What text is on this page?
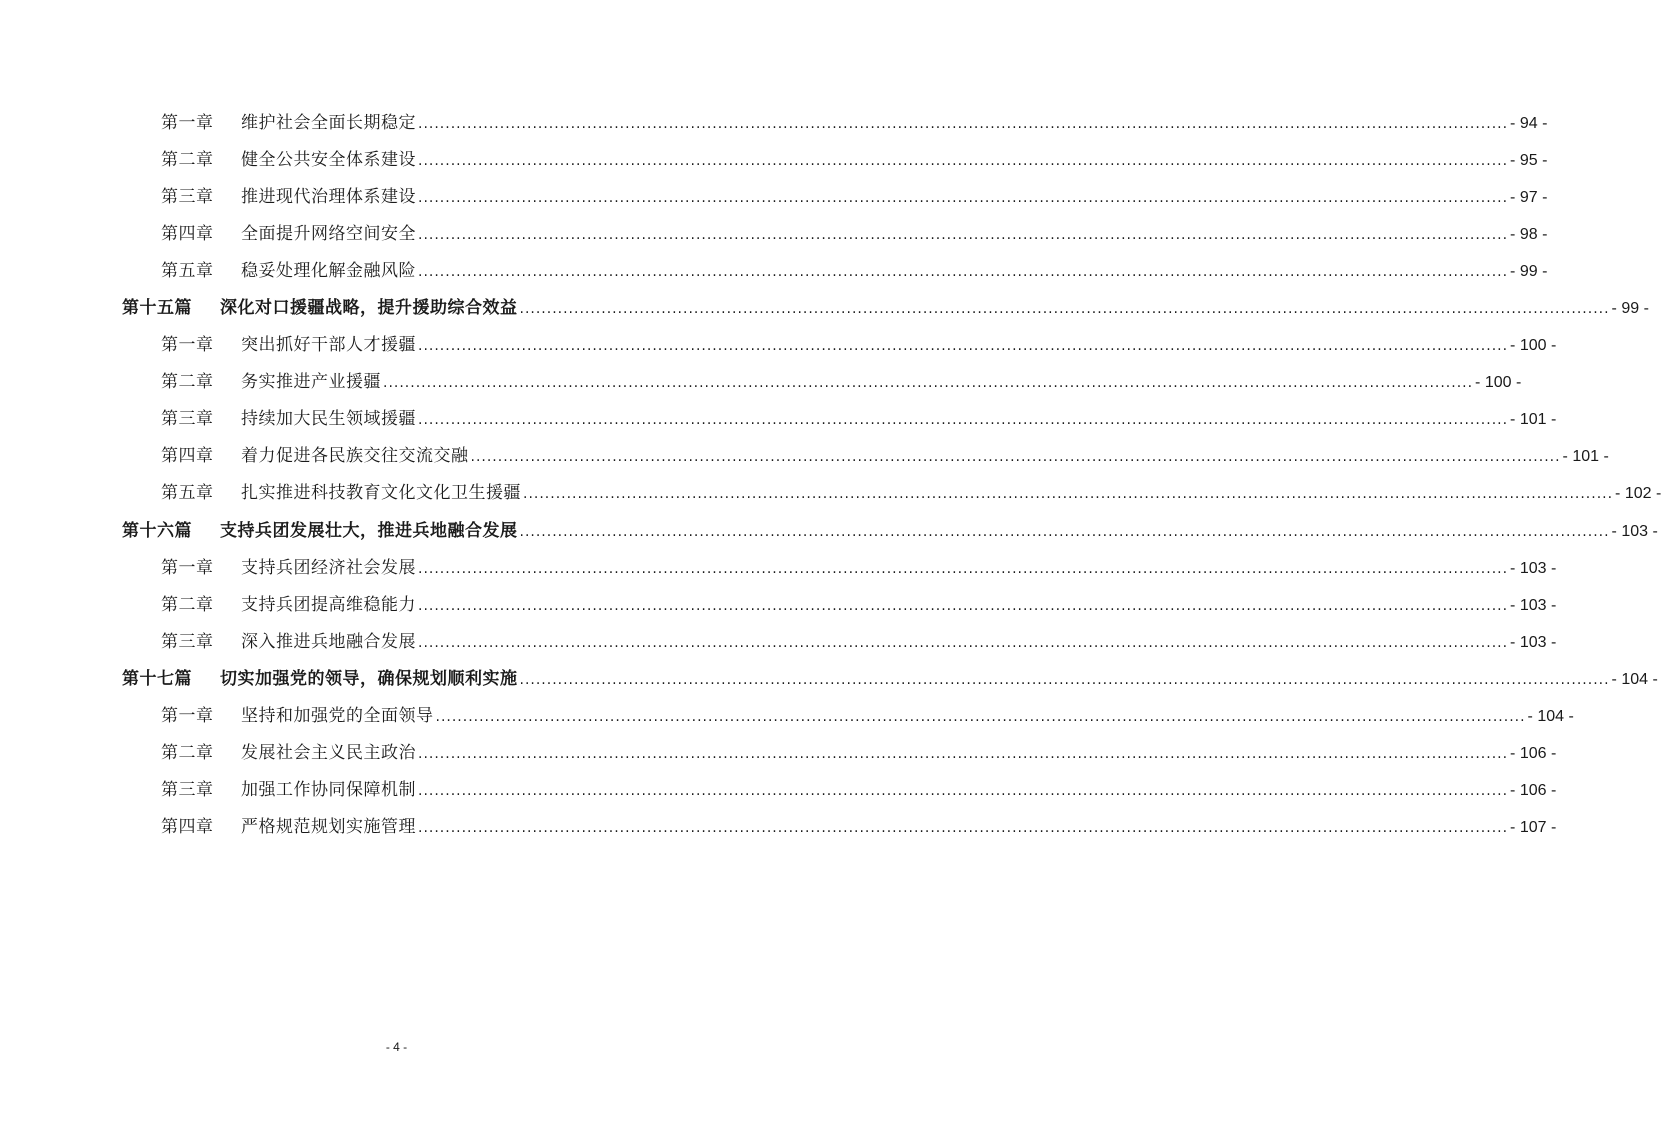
第一章 维护社会全面长期稳定 ........................................................................................................................................................................................................ - 94 -
第二章 健全公共安全体系建设 ........................................................................................................................................................................................................ - 95 -
第三章 推进现代治理体系建设 ........................................................................................................................................................................................................ - 97 -
第四章 全面提升网络空间安全 ........................................................................................................................................................................................................ - 98 -
第五章 稳妥处理化解金融风险 ........................................................................................................................................................................................................ - 99 -
第十五篇 深化对口援疆战略，提升援助综合效益 ........................................................................................................................................................................................................ - 99 -
第一章 突出抓好干部人才援疆 ........................................................................................................................................................................................................ - 100 -
第二章 务实推进产业援疆 ........................................................................................................................................................................................................ - 100 -
第三章 持续加大民生领域援疆 ........................................................................................................................................................................................................ - 101 -
第四章 着力促进各民族交往交流交融 ........................................................................................................................................................................................................ - 101 -
第五章 扎实推进科技教育文化文化卫生援疆 ........................................................................................................................................................................................................ - 102 -
第十六篇 支持兵团发展壮大，推进兵地融合发展 ........................................................................................................................................................................................................ - 103 -
第一章 支持兵团经济社会发展 ........................................................................................................................................................................................................ - 103 -
第二章 支持兵团提高维稳能力 ........................................................................................................................................................................................................ - 103 -
第三章 深入推进兵地融合发展 ........................................................................................................................................................................................................ - 103 -
第十七篇 切实加强党的领导，确保规划顺利实施 ........................................................................................................................................................................................................ - 104 -
第一章 坚持和加强党的全面领导 ........................................................................................................................................................................................................ - 104 -
第二章 发展社会主义民主政治 ........................................................................................................................................................................................................ - 106 -
第三章 加强工作协同保障机制 ........................................................................................................................................................................................................ - 106 -
第四章 严格规范规划实施管理 ........................................................................................................................................................................................................ - 107 -
- 4 -
